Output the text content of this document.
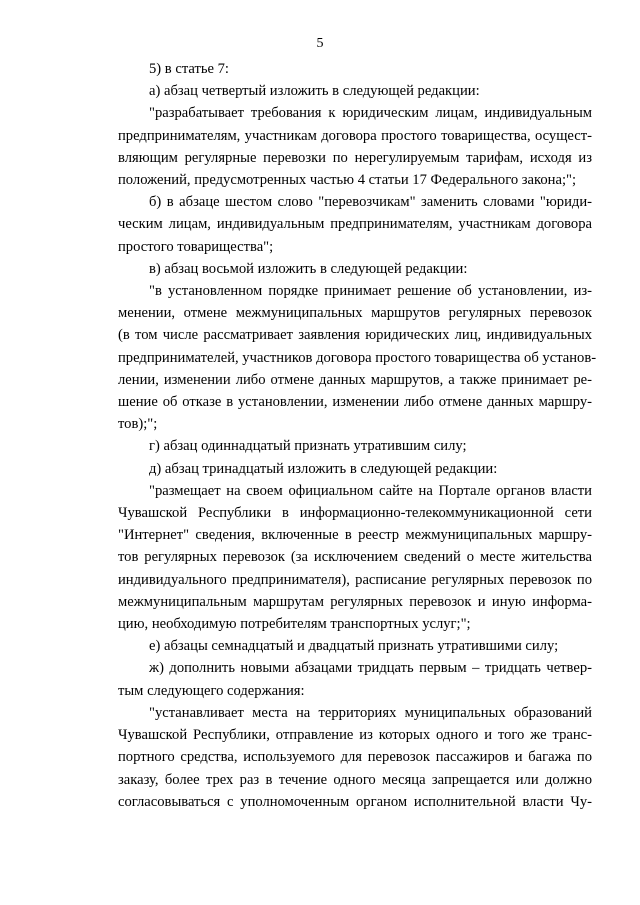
5
5) в статье 7:
а) абзац четвертый изложить в следующей редакции:
"разрабатывает требования к юридическим лицам, индивидуальным
предпринимателям, участникам договора простого товарищества, осущест-
вляющим регулярные перевозки по нерегулируемым тарифам, исходя из
положений, предусмотренных частью 4 статьи 17 Федерального закона;";
б) в абзаце шестом слово "перевозчикам" заменить словами "юриди-
ческим лицам, индивидуальным предпринимателям, участникам договора
простого товарищества";
в) абзац восьмой изложить в следующей редакции:
"в установленном порядке принимает решение об установлении, из-
менении, отмене межмуниципальных маршрутов регулярных перевозок
(в том числе рассматривает заявления юридических лиц, индивидуальных
предпринимателей, участников договора простого товарищества об установ-
лении, изменении либо отмене данных маршрутов, а также принимает ре-
шение об отказе в установлении, изменении либо отмене данных маршру-
тов);";
г) абзац одиннадцатый признать утратившим силу;
д) абзац тринадцатый изложить в следующей редакции:
"размещает на своем официальном сайте на Портале органов власти
Чувашской Республики в информационно-телекоммуникационной сети
"Интернет" сведения, включенные в реестр межмуниципальных маршру-
тов регулярных перевозок (за исключением сведений о месте жительства
индивидуального предпринимателя), расписание регулярных перевозок по
межмуниципальным маршрутам регулярных перевозок и иную информа-
цию, необходимую потребителям транспортных услуг;";
е) абзацы семнадцатый и двадцатый признать утратившими силу;
ж) дополнить новыми абзацами тридцать первым – тридцать четвер-
тым следующего содержания:
"устанавливает места на территориях муниципальных образований
Чувашской Республики, отправление из которых одного и того же транс-
портного средства, используемого для перевозок пассажиров и багажа по
заказу, более трех раз в течение одного месяца запрещается или должно
согласовываться с уполномоченным органом исполнительной власти Чу-
